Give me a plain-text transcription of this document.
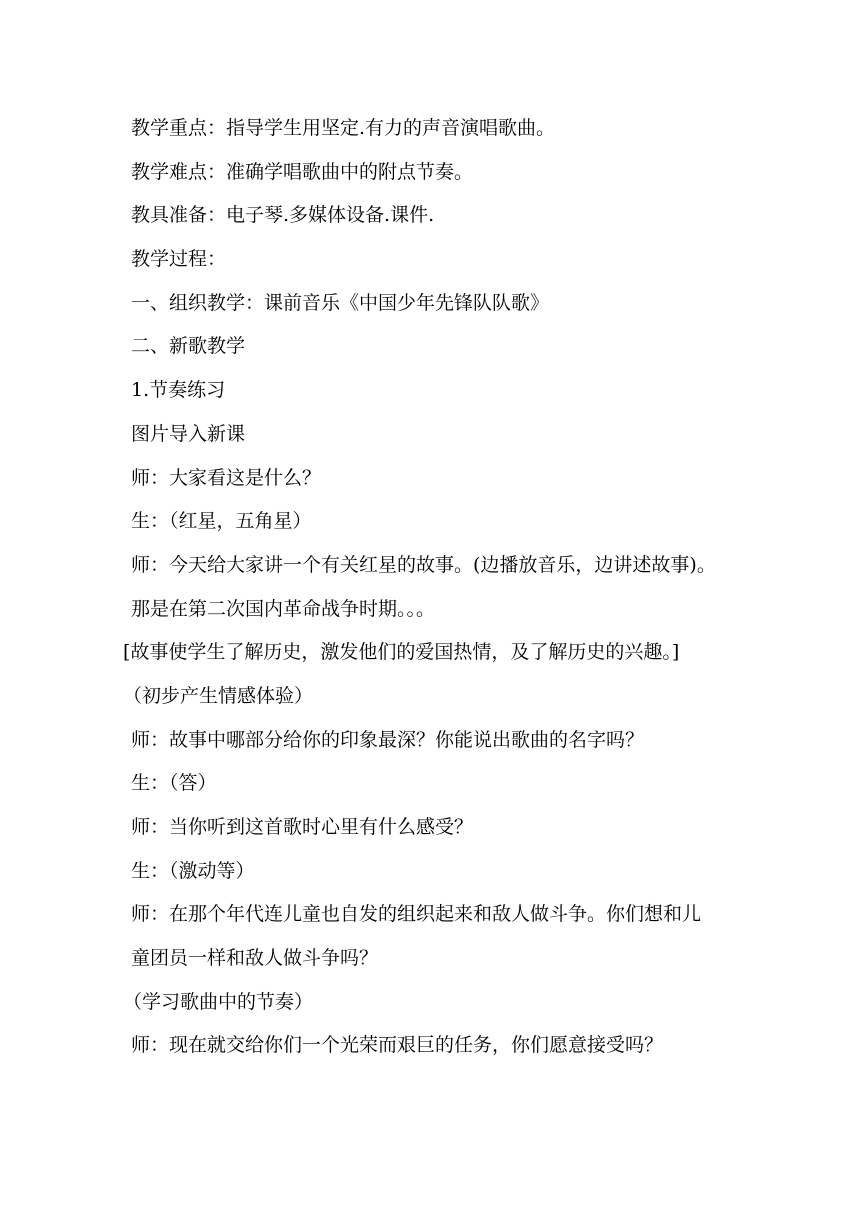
教学重点：指导学生用坚定.有力的声音演唱歌曲。
教学难点：准确学唱歌曲中的附点节奏。
教具准备：电子琴.多媒体设备.课件.
教学过程：
一、组织教学：课前音乐《中国少年先锋队队歌》
二、新歌教学
1.节奏练习
图片导入新课
师：大家看这是什么？
生：（红星，五角星）
师：今天给大家讲一个有关红星的故事。(边播放音乐，边讲述故事)。
那是在第二次国内革命战争时期。。。
[故事使学生了解历史，激发他们的爱国热情，及了解历史的兴趣。]
（初步产生情感体验）
师：故事中哪部分给你的印象最深？你能说出歌曲的名字吗？
生：（答）
师：当你听到这首歌时心里有什么感受？
生：（激动等）
师：在那个年代连儿童也自发的组织起来和敌人做斗争。你们想和儿
童团员一样和敌人做斗争吗？
（学习歌曲中的节奏）
师：现在就交给你们一个光荣而艰巨的任务，你们愿意接受吗？
